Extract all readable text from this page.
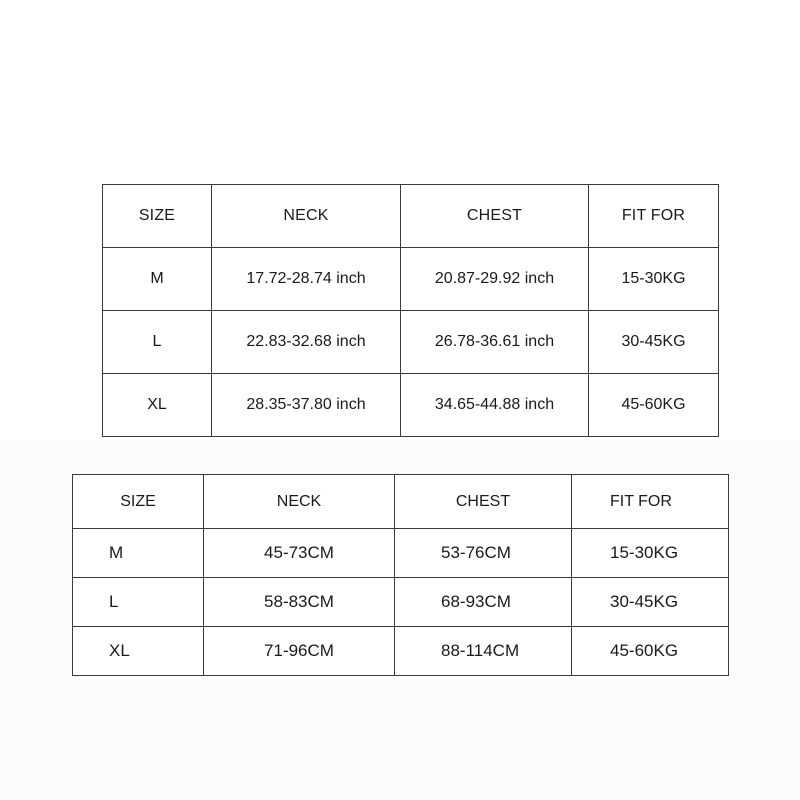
SIZE	NECK	CHEST	FIT FOR
M	17.72-28.74 inch	20.87-29.92 inch	15-30KG
L	22.83-32.68 inch	26.78-36.61 inch	30-45KG
XL	28.35-37.80 inch	34.65-44.88 inch	45-60KG
SIZE	NECK	CHEST	FIT FOR
M	45-73CM	53-76CM	15-30KG
L	58-83CM	68-93CM	30-45KG
XL	71-96CM	88-114CM	45-60KG
